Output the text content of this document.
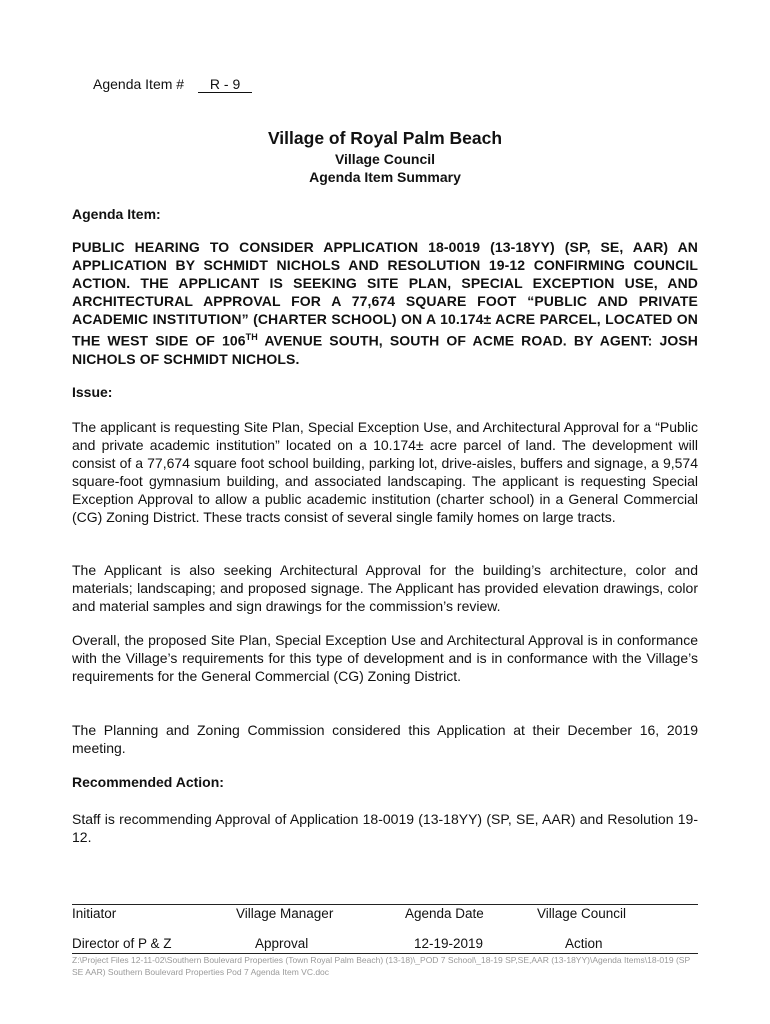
Agenda Item # R - 9
Village of Royal Palm Beach
Village Council
Agenda Item Summary
Agenda Item:
PUBLIC HEARING TO CONSIDER APPLICATION 18-0019 (13-18YY) (SP, SE, AAR) AN APPLICATION BY SCHMIDT NICHOLS AND RESOLUTION 19-12 CONFIRMING COUNCIL ACTION. THE APPLICANT IS SEEKING SITE PLAN, SPECIAL EXCEPTION USE, AND ARCHITECTURAL APPROVAL FOR A 77,674 SQUARE FOOT “PUBLIC AND PRIVATE ACADEMIC INSTITUTION” (CHARTER SCHOOL) ON A 10.174± ACRE PARCEL, LOCATED ON THE WEST SIDE OF 106TH AVENUE SOUTH, SOUTH OF ACME ROAD. BY AGENT: JOSH NICHOLS OF SCHMIDT NICHOLS.
Issue:
The applicant is requesting Site Plan, Special Exception Use, and Architectural Approval for a “Public and private academic institution” located on a 10.174± acre parcel of land. The development will consist of a 77,674 square foot school building, parking lot, drive-aisles, buffers and signage, a 9,574 square-foot gymnasium building, and associated landscaping. The applicant is requesting Special Exception Approval to allow a public academic institution (charter school) in a General Commercial (CG) Zoning District. These tracts consist of several single family homes on large tracts.
The Applicant is also seeking Architectural Approval for the building’s architecture, color and materials; landscaping; and proposed signage. The Applicant has provided elevation drawings, color and material samples and sign drawings for the commission’s review.
Overall, the proposed Site Plan, Special Exception Use and Architectural Approval is in conformance with the Village’s requirements for this type of development and is in conformance with the Village’s requirements for the General Commercial (CG) Zoning District.
The Planning and Zoning Commission considered this Application at their December 16, 2019 meeting.
Recommended Action:
Staff is recommending Approval of Application 18-0019 (13-18YY) (SP, SE, AAR) and Resolution 19-12.
Initiator	Village Manager	Agenda Date	Village Council
Director of P & Z	Approval	12-19-2019	Action
Z:\Project Files 12-11-02\Southern Boulevard Properties (Town Royal Palm Beach) (13-18)\_POD 7 School\_18-19 SP,SE,AAR (13-18YY)\Agenda Items\18-019 (SP SE AAR) Southern Boulevard Properties Pod 7 Agenda Item VC.doc
